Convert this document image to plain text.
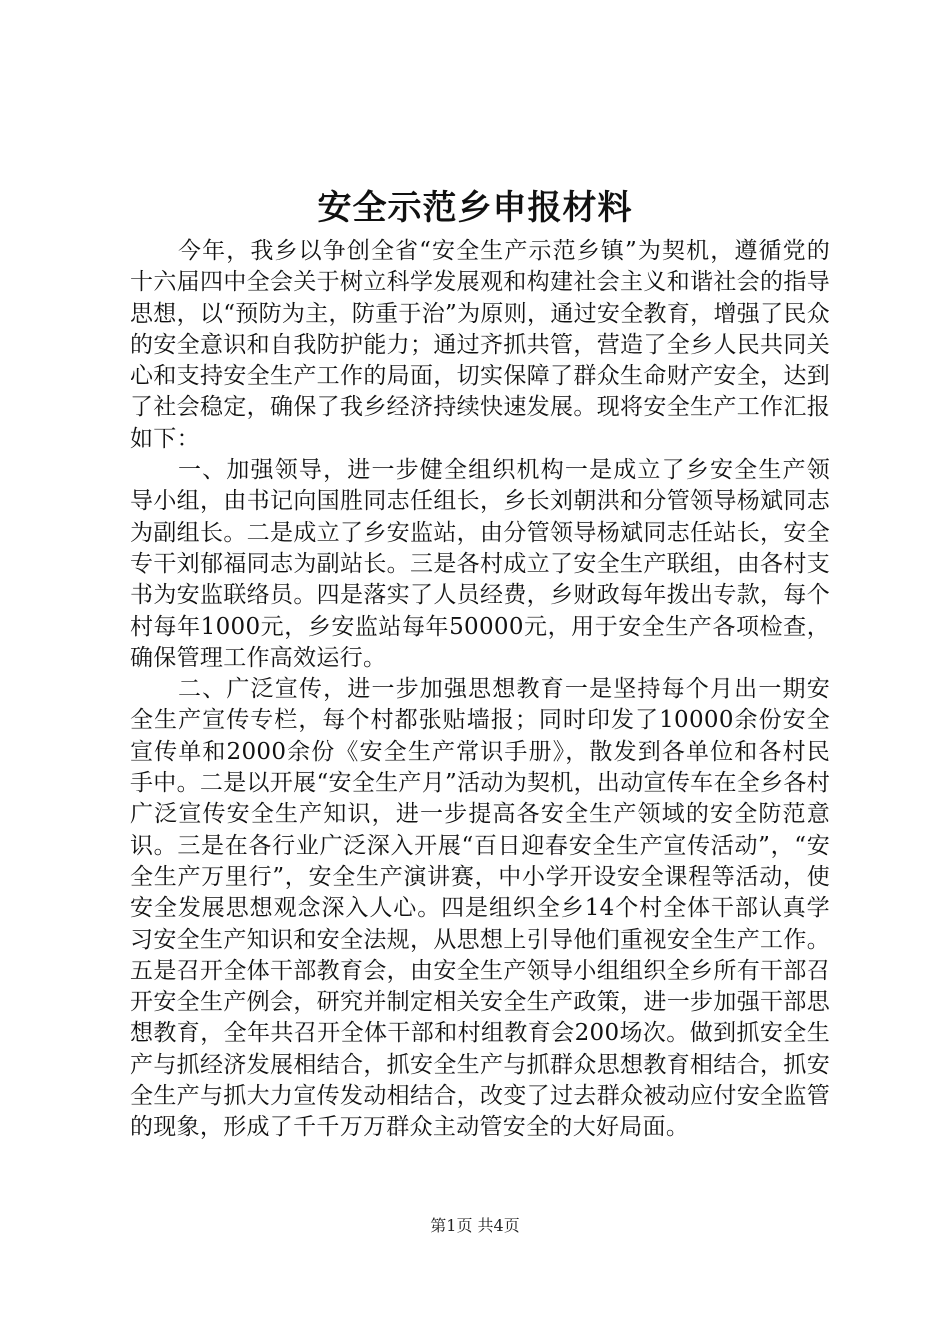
安全示范乡申报材料

今年，我乡以争创全省“安全生产示范乡镇”为契机，遵循党的十六届四中全会关于树立科学发展观和构建社会主义和谐社会的指导思想，以“预防为主，防重于治”为原则，通过安全教育，增强了民众的安全意识和自我防护能力；通过齐抓共管，营造了全乡人民共同关心和支持安全生产工作的局面，切实保障了群众生命财产安全，达到了社会稳定，确保了我乡经济持续快速发展。现将安全生产工作汇报如下：

一、加强领导，进一步健全组织机构一是成立了乡安全生产领导小组，由书记向国胜同志任组长，乡长刘朝洪和分管领导杨斌同志为副组长。二是成立了乡安监站，由分管领导杨斌同志任站长，安全专干刘郁福同志为副站长。三是各村成立了安全生产联组，由各村支书为安监联络员。四是落实了人员经费，乡财政每年拨出专款，每个村每年1000元，乡安监站每年50000元，用于安全生产各项检查，确保管理工作高效运行。

二、广泛宣传，进一步加强思想教育一是坚持每个月出一期安全生产宣传专栏，每个村都张贴墙报；同时印发了10000余份安全宣传单和2000余份《安全生产常识手册》，散发到各单位和各村民手中。二是以开展“安全生产月”活动为契机，出动宣传车在全乡各村广泛宣传安全生产知识，进一步提高各安全生产领域的安全防范意识。三是在各行业广泛深入开展“百日迎春安全生产宣传活动”，“安全生产万里行”，安全生产演讲赛，中小学开设安全课程等活动，使安全发展思想观念深入人心。四是组织全乡14个村全体干部认真学习安全生产知识和安全法规，从思想上引导他们重视安全生产工作。五是召开全体干部教育会，由安全生产领导小组组织全乡所有干部召开安全生产例会，研究并制定相关安全生产政策，进一步加强干部思想教育，全年共召开全体干部和村组教育会200场次。做到抓安全生产与抓经济发展相结合，抓安全生产与抓群众思想教育相结合，抓安全生产与抓大力宣传发动相结合，改变了过去群众被动应付安全监管的现象，形成了千千万万群众主动管安全的大好局面。

第1页 共4页
